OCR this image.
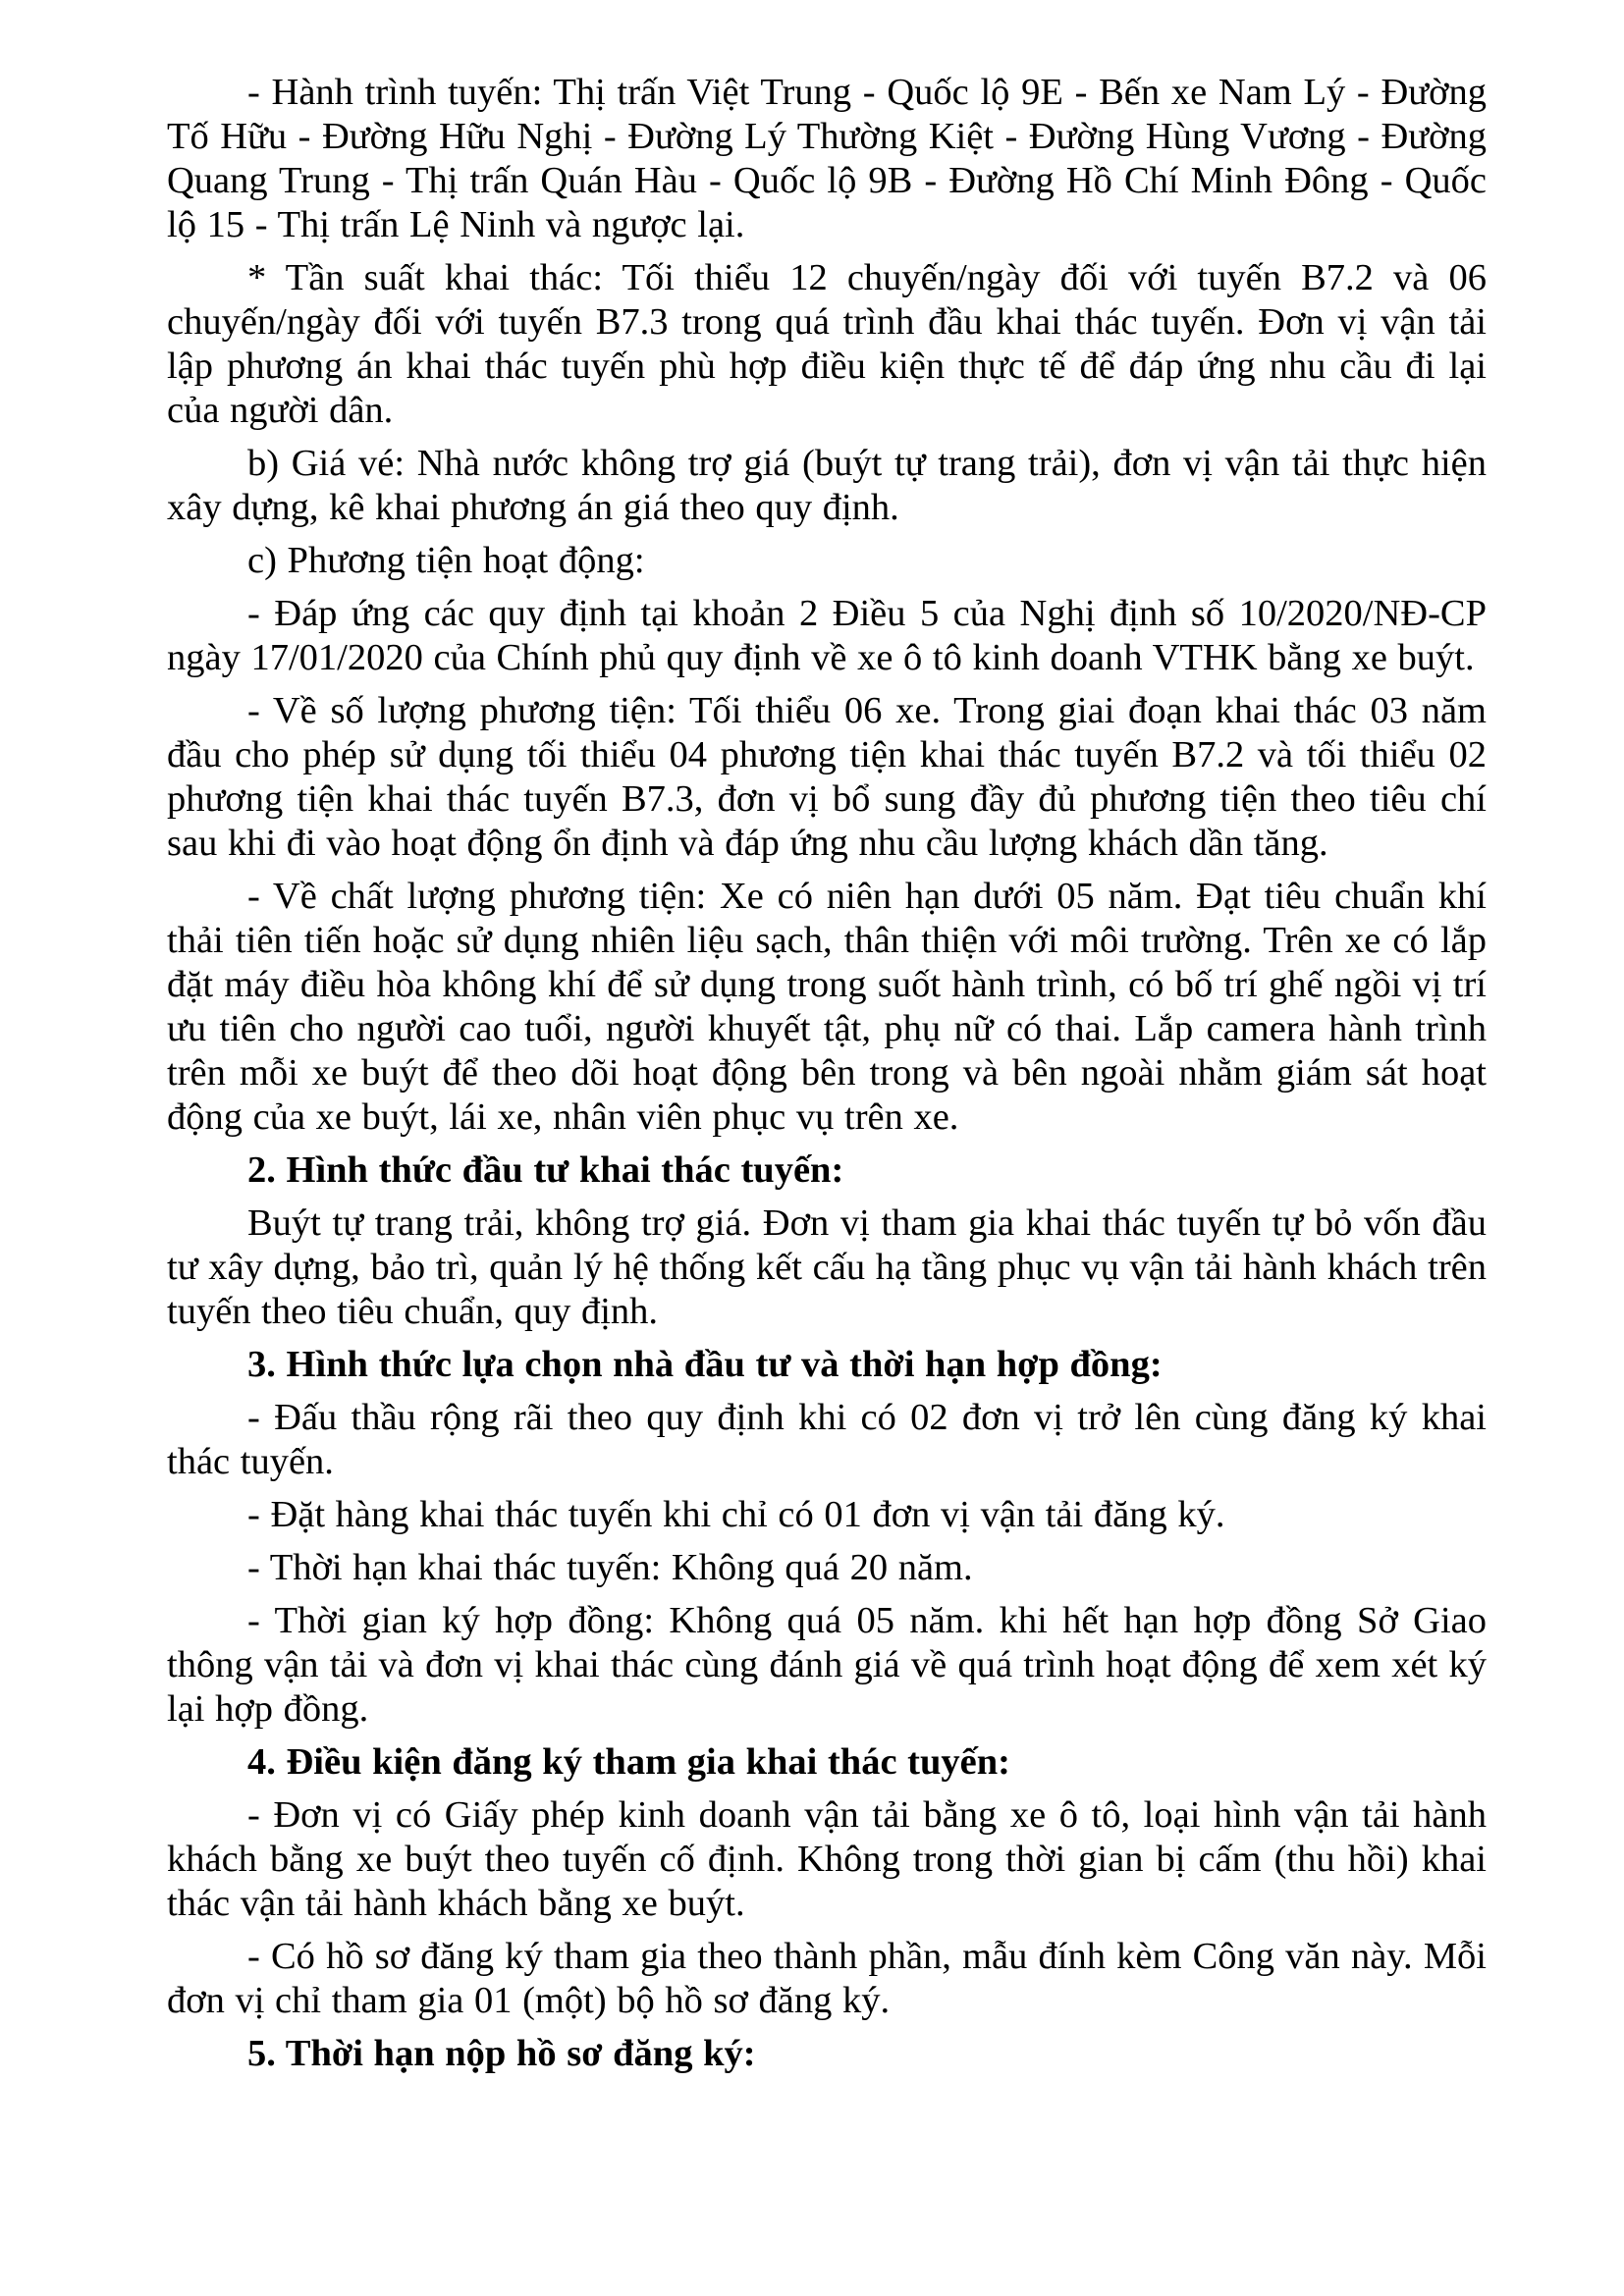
- Hành trình tuyến: Thị trấn Việt Trung - Quốc lộ 9E - Bến xe Nam Lý - Đường Tố Hữu - Đường Hữu Nghị - Đường Lý Thường Kiệt - Đường Hùng Vương - Đường Quang Trung - Thị trấn Quán Hàu - Quốc lộ 9B - Đường Hồ Chí Minh Đông - Quốc lộ 15 - Thị trấn Lệ Ninh và ngược lại.

* Tần suất khai thác: Tối thiểu 12 chuyến/ngày đối với tuyến B7.2 và 06 chuyến/ngày đối với tuyến B7.3 trong quá trình đầu khai thác tuyến. Đơn vị vận tải lập phương án khai thác tuyến phù hợp điều kiện thực tế để đáp ứng nhu cầu đi lại của người dân.

b) Giá vé: Nhà nước không trợ giá (buýt tự trang trải), đơn vị vận tải thực hiện xây dựng, kê khai phương án giá theo quy định.

c) Phương tiện hoạt động:

- Đáp ứng các quy định tại khoản 2 Điều 5 của Nghị định số 10/2020/NĐ-CP ngày 17/01/2020 của Chính phủ quy định về xe ô tô kinh doanh VTHK bằng xe buýt.

- Về số lượng phương tiện: Tối thiểu 06 xe. Trong giai đoạn khai thác 03 năm đầu cho phép sử dụng tối thiểu 04 phương tiện khai thác tuyến B7.2 và tối thiểu 02 phương tiện khai thác tuyến B7.3, đơn vị bổ sung đầy đủ phương tiện theo tiêu chí sau khi đi vào hoạt động ổn định và đáp ứng nhu cầu lượng khách dần tăng.

- Về chất lượng phương tiện: Xe có niên hạn dưới 05 năm. Đạt tiêu chuẩn khí thải tiên tiến hoặc sử dụng nhiên liệu sạch, thân thiện với môi trường. Trên xe có lắp đặt máy điều hòa không khí để sử dụng trong suốt hành trình, có bố trí ghế ngồi vị trí ưu tiên cho người cao tuổi, người khuyết tật, phụ nữ có thai. Lắp camera hành trình trên mỗi xe buýt để theo dõi hoạt động bên trong và bên ngoài nhằm giám sát hoạt động của xe buýt, lái xe, nhân viên phục vụ trên xe.

2. Hình thức đầu tư khai thác tuyến:

Buýt tự trang trải, không trợ giá. Đơn vị tham gia khai thác tuyến tự bỏ vốn đầu tư xây dựng, bảo trì, quản lý hệ thống kết cấu hạ tầng phục vụ vận tải hành khách trên tuyến theo tiêu chuẩn, quy định.

3. Hình thức lựa chọn nhà đầu tư và thời hạn hợp đồng:

- Đấu thầu rộng rãi theo quy định khi có 02 đơn vị trở lên cùng đăng ký khai thác tuyến.

- Đặt hàng khai thác tuyến khi chỉ có 01 đơn vị vận tải đăng ký.

- Thời hạn khai thác tuyến: Không quá 20 năm.

- Thời gian ký hợp đồng: Không quá 05 năm. khi hết hạn hợp đồng Sở Giao thông vận tải và đơn vị khai thác cùng đánh giá về quá trình hoạt động để xem xét ký lại hợp đồng.

4. Điều kiện đăng ký tham gia khai thác tuyến:

- Đơn vị có Giấy phép kinh doanh vận tải bằng xe ô tô, loại hình vận tải hành khách bằng xe buýt theo tuyến cố định. Không trong thời gian bị cấm (thu hồi) khai thác vận tải hành khách bằng xe buýt.

- Có hồ sơ đăng ký tham gia theo thành phần, mẫu đính kèm Công văn này. Mỗi đơn vị chỉ tham gia 01 (một) bộ hồ sơ đăng ký.

5. Thời hạn nộp hồ sơ đăng ký:
